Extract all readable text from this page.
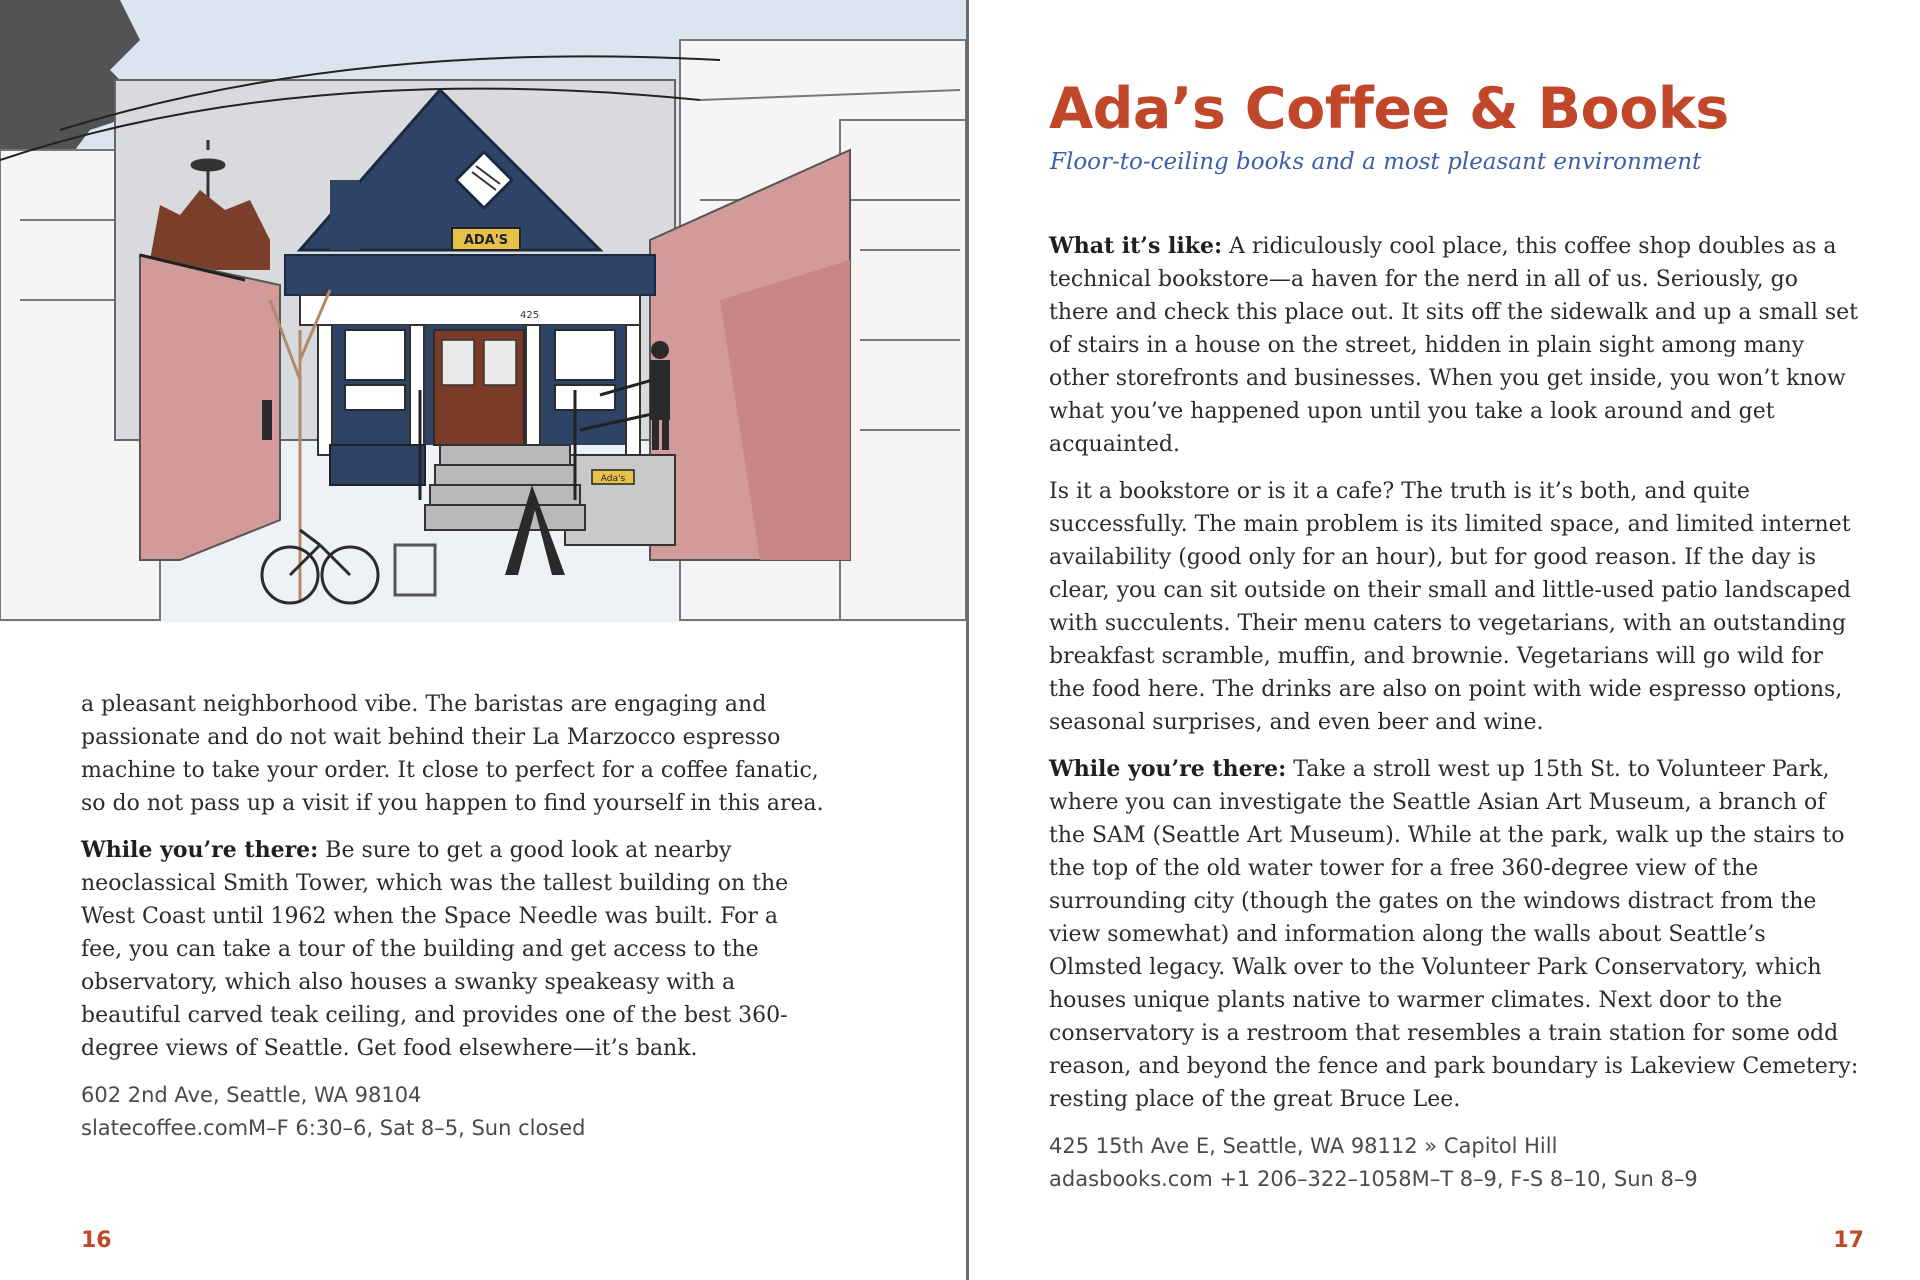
ADA'S
425
Ada's

a pleasant neighborhood vibe. The baristas are engaging and passionate and do not wait behind their La Marzocco espresso machine to take your order. It close to perfect for a coffee fanatic, so do not pass up a visit if you happen to find yourself in this area.

While you’re there: Be sure to get a good look at nearby neoclassical Smith Tower, which was the tallest building on the West Coast until 1962 when the Space Needle was built. For a fee, you can take a tour of the building and get access to the observatory, which also houses a swanky speakeasy with a beautiful carved teak ceiling, and provides one of the best 360-degree views of Seattle. Get food elsewhere—it’s bank.

602 2nd Ave, Seattle, WA 98104

slatecoffee.comM–F 6:30–6, Sat 8–5, Sun closed

16

Ada’s Coffee & Books

Floor-to-ceiling books and a most pleasant environment

What it’s like: A ridiculously cool place, this coffee shop doubles as a technical bookstore—a haven for the nerd in all of us. Seriously, go there and check this place out. It sits off the sidewalk and up a small set of stairs in a house on the street, hidden in plain sight among many other storefronts and businesses. When you get inside, you won’t know what you’ve happened upon until you take a look around and get acquainted.

Is it a bookstore or is it a cafe? The truth is it’s both, and quite successfully. The main problem is its limited space, and limited internet availability (good only for an hour), but for good reason. If the day is clear, you can sit outside on their small and little-used patio landscaped with succulents. Their menu caters to vegetarians, with an outstanding breakfast scramble, muffin, and brownie. Vegetarians will go wild for the food here. The drinks are also on point with wide espresso options, seasonal surprises, and even beer and wine.

While you’re there: Take a stroll west up 15th St. to Volunteer Park, where you can investigate the Seattle Asian Art Museum, a branch of the SAM (Seattle Art Museum). While at the park, walk up the stairs to the top of the old water tower for a free 360-degree view of the surrounding city (though the gates on the windows distract from the view somewhat) and information along the walls about Seattle’s Olmsted legacy. Walk over to the Volunteer Park Conservatory, which houses unique plants native to warmer climates. Next door to the conservatory is a restroom that resembles a train station for some odd reason, and beyond the fence and park boundary is Lakeview Cemetery: resting place of the great Bruce Lee.

425 15th Ave E, Seattle, WA 98112 » Capitol Hill

adasbooks.com +1 206–322–1058M–T 8–9, F-S 8–10, Sun 8–9

17
